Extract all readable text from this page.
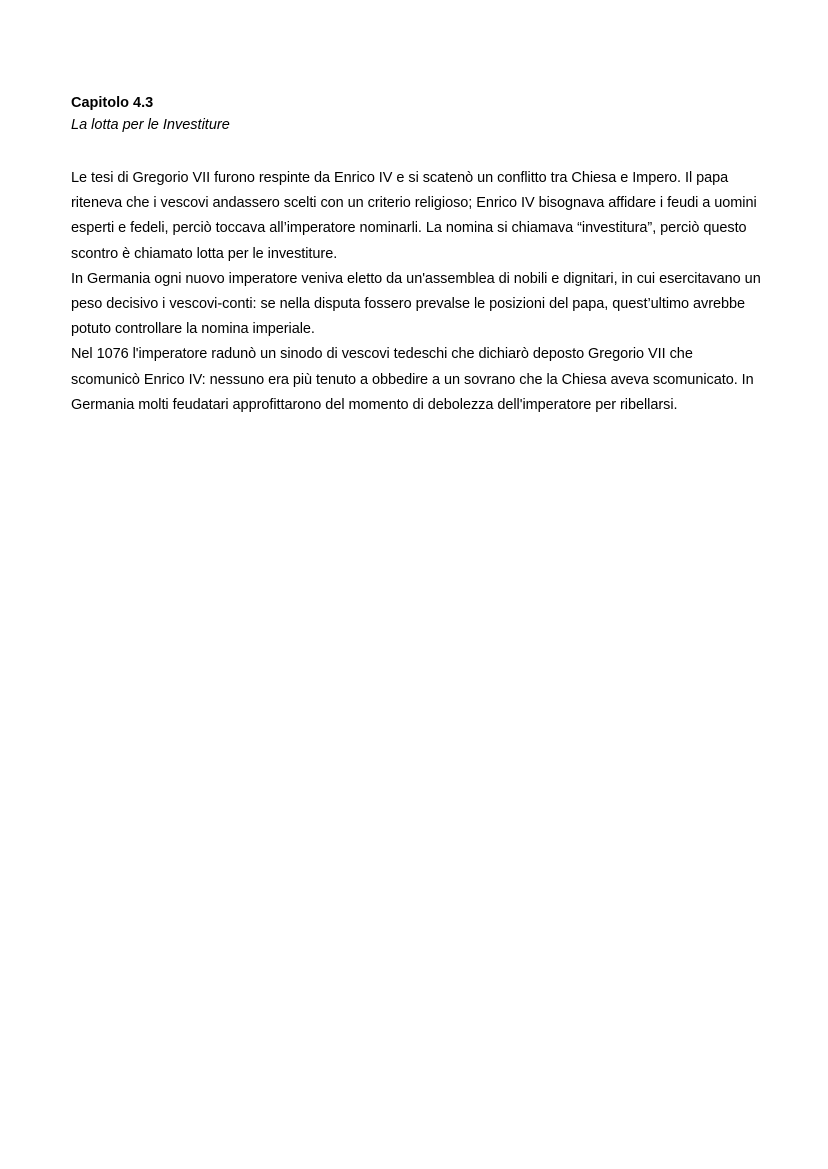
Capitolo 4.3

La lotta per le Investiture

Le tesi di Gregorio VII furono respinte da Enrico IV e si scatenò un conflitto tra Chiesa e Impero. Il papa riteneva che i vescovi andassero scelti con un criterio religioso; Enrico IV bisognava affidare i feudi a uomini esperti e fedeli, perciò toccava all’imperatore nominarli. La nomina si chiamava “investitura”, perciò questo scontro è chiamato lotta per le investiture.

In Germania ogni nuovo imperatore veniva eletto da un'assemblea di nobili e dignitari, in cui esercitavano un peso decisivo i vescovi-conti: se nella disputa fossero prevalse le posizioni del papa, quest’ultimo avrebbe potuto controllare la nomina imperiale.

Nel 1076 l'imperatore radunò un sinodo di vescovi tedeschi che dichiarò deposto Gregorio VII che scomunicò Enrico IV: nessuno era più tenuto a obbedire a un sovrano che la Chiesa aveva scomunicato. In Germania molti feudatari approfittarono del momento di debolezza dell'imperatore per ribellarsi.
